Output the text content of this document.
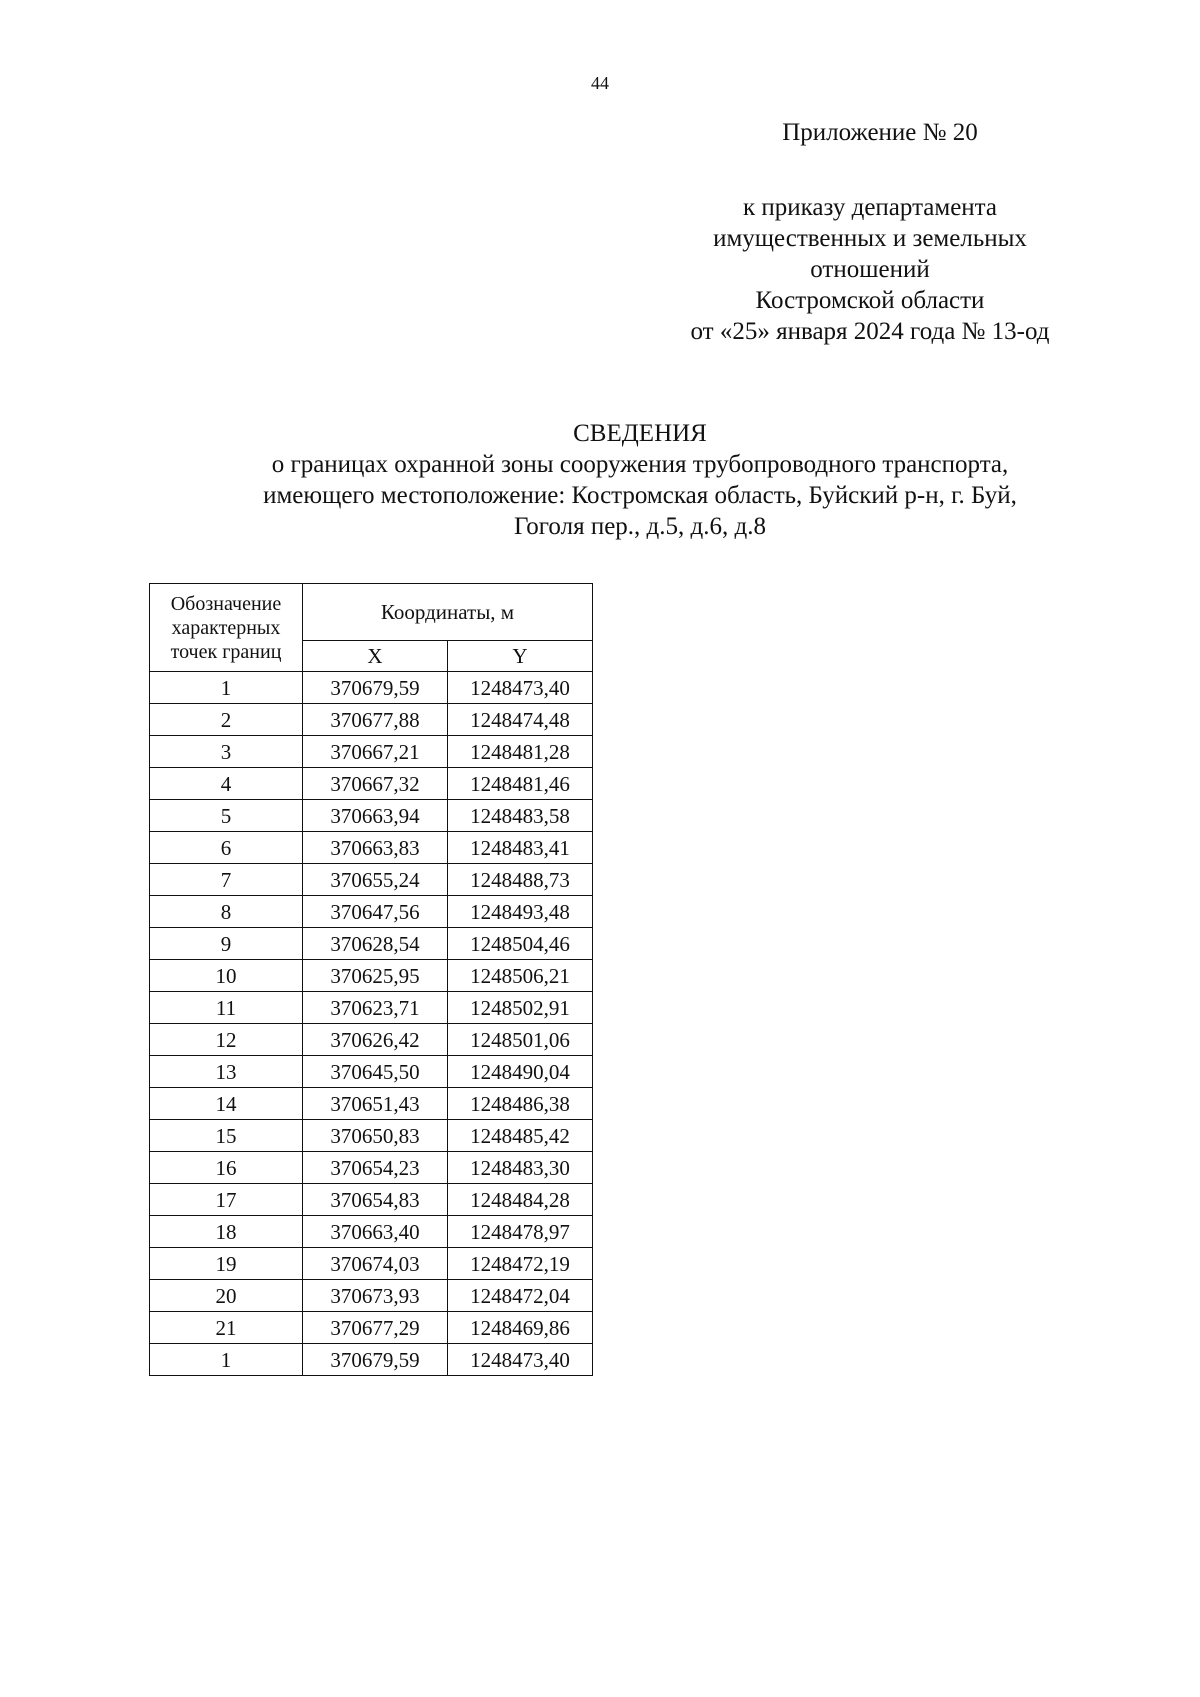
44
Приложение № 20
к приказу департамента
имущественных и земельных
отношений
Костромской области
от «25» января 2024 года № 13-од
СВЕДЕНИЯ
о границах охранной зоны сооружения трубопроводного транспорта,
имеющего местоположение: Костромская область, Буйский р-н, г. Буй,
Гоголя пер., д.5, д.6, д.8
Обозначение
характерных
точек границ	Координаты, м	
	X	Y
1	370679,59	1248473,40
2	370677,88	1248474,48
3	370667,21	1248481,28
4	370667,32	1248481,46
5	370663,94	1248483,58
6	370663,83	1248483,41
7	370655,24	1248488,73
8	370647,56	1248493,48
9	370628,54	1248504,46
10	370625,95	1248506,21
11	370623,71	1248502,91
12	370626,42	1248501,06
13	370645,50	1248490,04
14	370651,43	1248486,38
15	370650,83	1248485,42
16	370654,23	1248483,30
17	370654,83	1248484,28
18	370663,40	1248478,97
19	370674,03	1248472,19
20	370673,93	1248472,04
21	370677,29	1248469,86
1	370679,59	1248473,40
